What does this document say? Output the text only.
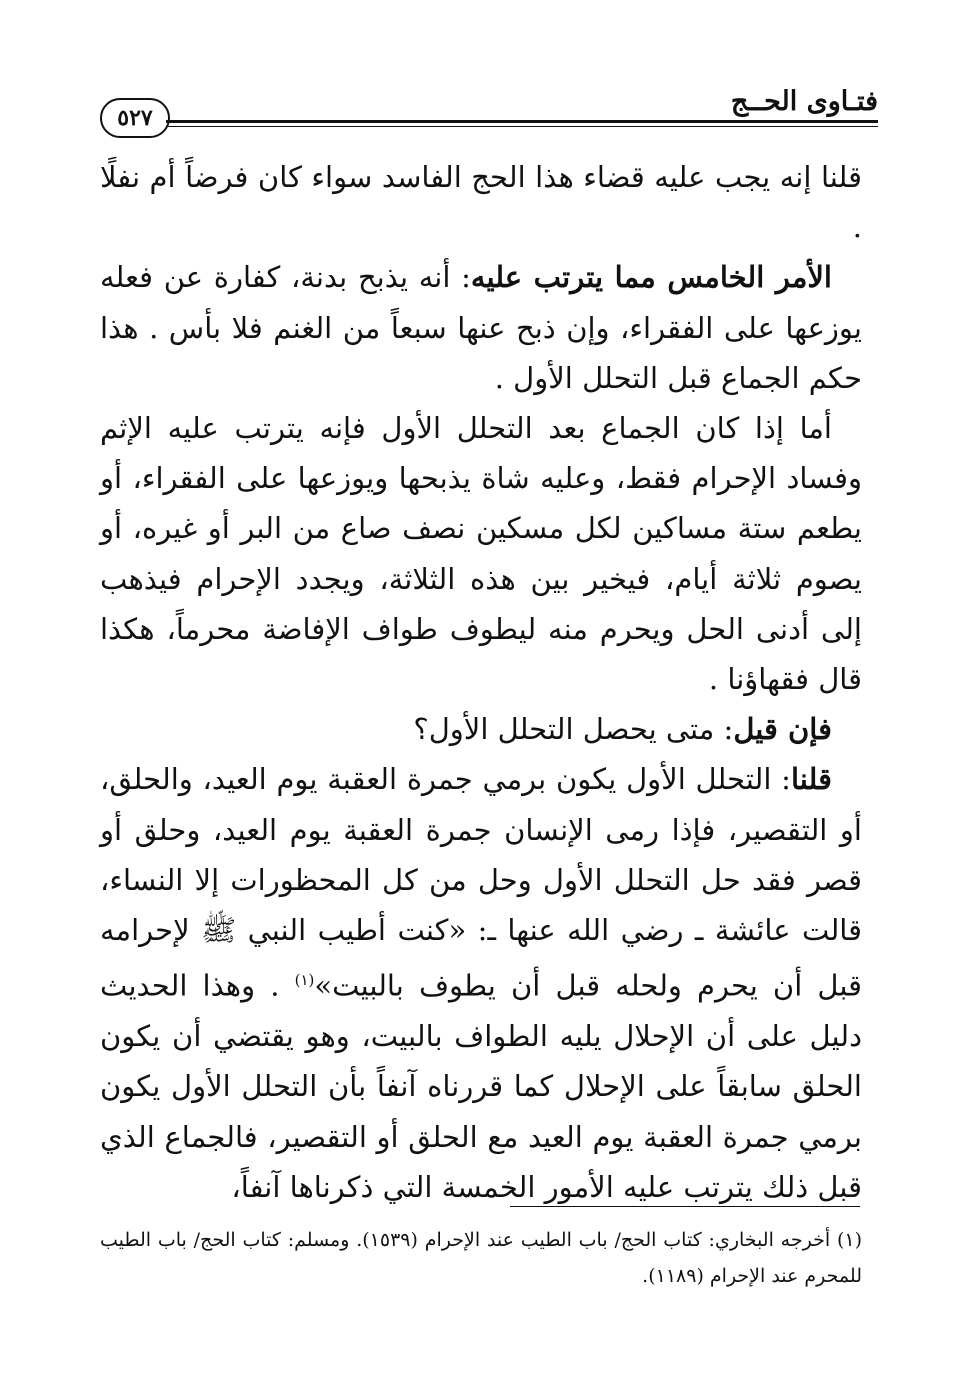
٥٢٧
فتـاوى الحــج

قلنا إنه يجب عليه قضاء هذا الحج الفاسد سواء كان فرضاً أم نفلًا .

الأمر الخامس مما يترتب عليه: أنه يذبح بدنة، كفارة عن فعله يوزعها على الفقراء، وإن ذبح عنها سبعاً من الغنم فلا بأس . هذا حكم الجماع قبل التحلل الأول .

أما إذا كان الجماع بعد التحلل الأول فإنه يترتب عليه الإثم وفساد الإحرام فقط، وعليه شاة يذبحها ويوزعها على الفقراء، أو يطعم ستة مساكين لكل مسكين نصف صاع من البر أو غيره، أو يصوم ثلاثة أيام، فيخير بين هذه الثلاثة، ويجدد الإحرام فيذهب إلى أدنى الحل ويحرم منه ليطوف طواف الإفاضة محرماً، هكذا قال فقهاؤنا .

فإن قيل: متى يحصل التحلل الأول؟

قلنا: التحلل الأول يكون برمي جمرة العقبة يوم العيد، والحلق، أو التقصير، فإذا رمى الإنسان جمرة العقبة يوم العيد، وحلق أو قصر فقد حل التحلل الأول وحل من كل المحظورات إلا النساء، قالت عائشة ـ رضي الله عنها ـ: «كنت أطيب النبي ﷺ لإحرامه قبل أن يحرم ولحله قبل أن يطوف بالبيت»$^{(١)}$ . وهذا الحديث دليل على أن الإحلال يليه الطواف بالبيت، وهو يقتضي أن يكون الحلق سابقاً على الإحلال كما قررناه آنفاً بأن التحلل الأول يكون برمي جمرة العقبة يوم العيد مع الحلق أو التقصير، فالجماع الذي قبل ذلك يترتب عليه الأمور الخمسة التي ذكرناها آنفاً،

(١) أخرجه البخاري: كتاب الحج/ باب الطيب عند الإحرام (١٥٣٩). ومسلم: كتاب الحج/ باب الطيب للمحرم عند الإحرام (١١٨٩).
